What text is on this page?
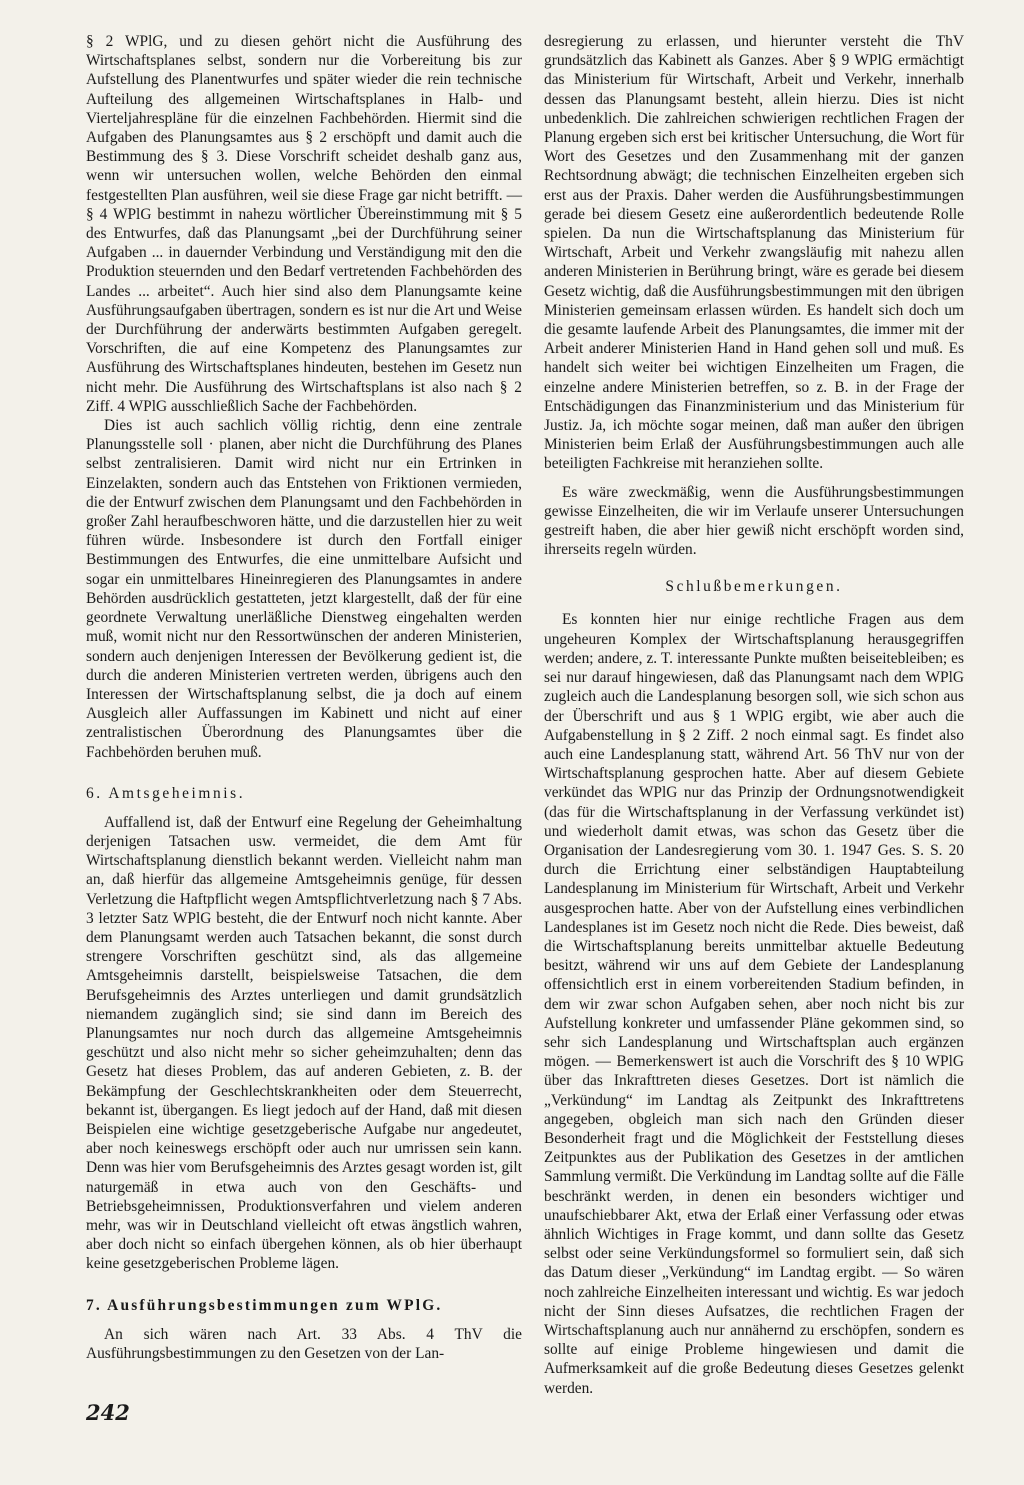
§ 2 WPlG, und zu diesen gehört nicht die Ausführung des Wirtschaftsplanes selbst, sondern nur die Vorbereitung bis zur Aufstellung des Planentwurfes und später wieder die rein technische Aufteilung des allgemeinen Wirtschaftsplanes in Halb- und Vierteljahrespläne für die einzelnen Fachbehörden. Hiermit sind die Aufgaben des Planungsamtes aus § 2 erschöpft und damit auch die Bestimmung des § 3. Diese Vorschrift scheidet deshalb ganz aus, wenn wir untersuchen wollen, welche Behörden den einmal festgestellten Plan ausführen, weil sie diese Frage gar nicht betrifft. — § 4 WPlG bestimmt in nahezu wörtlicher Übereinstimmung mit § 5 des Entwurfes, daß das Planungsamt „bei der Durchführung seiner Aufgaben ... in dauernder Verbindung und Verständigung mit den die Produktion steuernden und den Bedarf vertretenden Fachbehörden des Landes ... arbeitet“. Auch hier sind also dem Planungsamte keine Ausführungsaufgaben übertragen, sondern es ist nur die Art und Weise der Durchführung der anderwärts bestimmten Aufgaben geregelt. Vorschriften, die auf eine Kompetenz des Planungsamtes zur Ausführung des Wirtschaftsplanes hindeuten, bestehen im Gesetz nun nicht mehr. Die Ausführung des Wirtschaftsplans ist also nach § 2 Ziff. 4 WPlG ausschließlich Sache der Fachbehörden.

Dies ist auch sachlich völlig richtig, denn eine zentrale Planungsstelle soll · planen, aber nicht die Durchführung des Planes selbst zentralisieren. Damit wird nicht nur ein Ertrinken in Einzelakten, sondern auch das Entstehen von Friktionen vermieden, die der Entwurf zwischen dem Planungsamt und den Fachbehörden in großer Zahl heraufbeschworen hätte, und die darzustellen hier zu weit führen würde. Insbesondere ist durch den Fortfall einiger Bestimmungen des Entwurfes, die eine unmittelbare Aufsicht und sogar ein unmittelbares Hineinregieren des Planungsamtes in andere Behörden ausdrücklich gestatteten, jetzt klargestellt, daß der für eine geordnete Verwaltung unerläßliche Dienstweg eingehalten werden muß, womit nicht nur den Ressortwünschen der anderen Ministerien, sondern auch denjenigen Interessen der Bevölkerung gedient ist, die durch die anderen Ministerien vertreten werden, übrigens auch den Interessen der Wirtschaftsplanung selbst, die ja doch auf einem Ausgleich aller Auffassungen im Kabinett und nicht auf einer zentralistischen Überordnung des Planungsamtes über die Fachbehörden beruhen muß.

6. Amtsgeheimnis.

Auffallend ist, daß der Entwurf eine Regelung der Geheimhaltung derjenigen Tatsachen usw. vermeidet, die dem Amt für Wirtschaftsplanung dienstlich bekannt werden. Vielleicht nahm man an, daß hierfür das allgemeine Amtsgeheimnis genüge, für dessen Verletzung die Haftpflicht wegen Amtspflichtverletzung nach § 7 Abs. 3 letzter Satz WPlG besteht, die der Entwurf noch nicht kannte. Aber dem Planungsamt werden auch Tatsachen bekannt, die sonst durch strengere Vorschriften geschützt sind, als das allgemeine Amtsgeheimnis darstellt, beispielsweise Tatsachen, die dem Berufsgeheimnis des Arztes unterliegen und damit grundsätzlich niemandem zugänglich sind; sie sind dann im Bereich des Planungsamtes nur noch durch das allgemeine Amtsgeheimnis geschützt und also nicht mehr so sicher geheimzuhalten; denn das Gesetz hat dieses Problem, das auf anderen Gebieten, z. B. der Bekämpfung der Geschlechtskrankheiten oder dem Steuerrecht, bekannt ist, übergangen. Es liegt jedoch auf der Hand, daß mit diesen Beispielen eine wichtige gesetzgeberische Aufgabe nur angedeutet, aber noch keineswegs erschöpft oder auch nur umrissen sein kann. Denn was hier vom Berufsgeheimnis des Arztes gesagt worden ist, gilt naturgemäß in etwa auch von den Geschäfts- und Betriebsgeheimnissen, Produktionsverfahren und vielem anderen mehr, was wir in Deutschland vielleicht oft etwas ängstlich wahren, aber doch nicht so einfach übergehen können, als ob hier überhaupt keine gesetzgeberischen Probleme lägen.

7. Ausführungsbestimmungen zum WPlG.

An sich wären nach Art. 33 Abs. 4 ThV die Ausführungsbestimmungen zu den Gesetzen von der Lan-

desregierung zu erlassen, und hierunter versteht die ThV grundsätzlich das Kabinett als Ganzes. Aber § 9 WPlG ermächtigt das Ministerium für Wirtschaft, Arbeit und Verkehr, innerhalb dessen das Planungsamt besteht, allein hierzu. Dies ist nicht unbedenklich. Die zahlreichen schwierigen rechtlichen Fragen der Planung ergeben sich erst bei kritischer Untersuchung, die Wort für Wort des Gesetzes und den Zusammenhang mit der ganzen Rechtsordnung abwägt; die technischen Einzelheiten ergeben sich erst aus der Praxis. Daher werden die Ausführungsbestimmungen gerade bei diesem Gesetz eine außerordentlich bedeutende Rolle spielen. Da nun die Wirtschaftsplanung das Ministerium für Wirtschaft, Arbeit und Verkehr zwangsläufig mit nahezu allen anderen Ministerien in Berührung bringt, wäre es gerade bei diesem Gesetz wichtig, daß die Ausführungsbestimmungen mit den übrigen Ministerien gemeinsam erlassen würden. Es handelt sich doch um die gesamte laufende Arbeit des Planungsamtes, die immer mit der Arbeit anderer Ministerien Hand in Hand gehen soll und muß. Es handelt sich weiter bei wichtigen Einzelheiten um Fragen, die einzelne andere Ministerien betreffen, so z. B. in der Frage der Entschädigungen das Finanzministerium und das Ministerium für Justiz. Ja, ich möchte sogar meinen, daß man außer den übrigen Ministerien beim Erlaß der Ausführungsbestimmungen auch alle beteiligten Fachkreise mit heranziehen sollte.

Es wäre zweckmäßig, wenn die Ausführungsbestimmungen gewisse Einzelheiten, die wir im Verlaufe unserer Untersuchungen gestreift haben, die aber hier gewiß nicht erschöpft worden sind, ihrerseits regeln würden.

Schlußbemerkungen.

Es konnten hier nur einige rechtliche Fragen aus dem ungeheuren Komplex der Wirtschaftsplanung herausgegriffen werden; andere, z. T. interessante Punkte mußten beiseitebleiben; es sei nur darauf hingewiesen, daß das Planungsamt nach dem WPlG zugleich auch die Landesplanung besorgen soll, wie sich schon aus der Überschrift und aus § 1 WPlG ergibt, wie aber auch die Aufgabenstellung in § 2 Ziff. 2 noch einmal sagt. Es findet also auch eine Landesplanung statt, während Art. 56 ThV nur von der Wirtschaftsplanung gesprochen hatte. Aber auf diesem Gebiete verkündet das WPlG nur das Prinzip der Ordnungsnotwendigkeit (das für die Wirtschaftsplanung in der Verfassung verkündet ist) und wiederholt damit etwas, was schon das Gesetz über die Organisation der Landesregierung vom 30. 1. 1947 Ges. S. S. 20 durch die Errichtung einer selbständigen Hauptabteilung Landesplanung im Ministerium für Wirtschaft, Arbeit und Verkehr ausgesprochen hatte. Aber von der Aufstellung eines verbindlichen Landesplanes ist im Gesetz noch nicht die Rede. Dies beweist, daß die Wirtschaftsplanung bereits unmittelbar aktuelle Bedeutung besitzt, während wir uns auf dem Gebiete der Landesplanung offensichtlich erst in einem vorbereitenden Stadium befinden, in dem wir zwar schon Aufgaben sehen, aber noch nicht bis zur Aufstellung konkreter und umfassender Pläne gekommen sind, so sehr sich Landesplanung und Wirtschaftsplan auch ergänzen mögen. — Bemerkenswert ist auch die Vorschrift des § 10 WPlG über das Inkrafttreten dieses Gesetzes. Dort ist nämlich die „Verkündung“ im Landtag als Zeitpunkt des Inkrafttretens angegeben, obgleich man sich nach den Gründen dieser Besonderheit fragt und die Möglichkeit der Feststellung dieses Zeitpunktes aus der Publikation des Gesetzes in der amtlichen Sammlung vermißt. Die Verkündung im Landtag sollte auf die Fälle beschränkt werden, in denen ein besonders wichtiger und unaufschiebbarer Akt, etwa der Erlaß einer Verfassung oder etwas ähnlich Wichtiges in Frage kommt, und dann sollte das Gesetz selbst oder seine Verkündungsformel so formuliert sein, daß sich das Datum dieser „Verkündung“ im Landtag ergibt. — So wären noch zahlreiche Einzelheiten interessant und wichtig. Es war jedoch nicht der Sinn dieses Aufsatzes, die rechtlichen Fragen der Wirtschaftsplanung auch nur annähernd zu erschöpfen, sondern es sollte auf einige Probleme hingewiesen und damit die Aufmerksamkeit auf die große Bedeutung dieses Gesetzes gelenkt werden.

242
